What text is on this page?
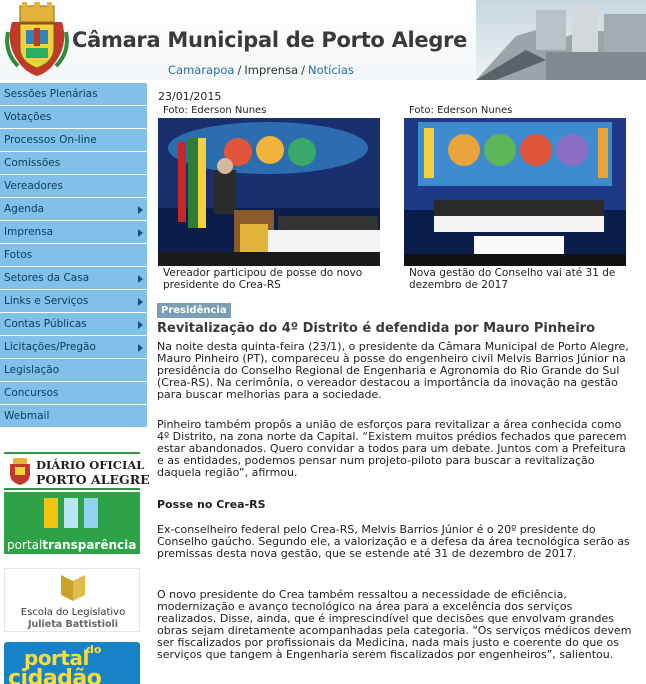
Câmara Municipal de Porto Alegre
Camarapoa / Imprensa / Notícias
Sessões Plenárias
Votações
Processos On-line
Comissões
Vereadores
Agenda
Imprensa
Fotos
Setores da Casa
Links e Serviços
Contas Públicas
Licitações/Pregão
Legislação
Concursos
Webmail
DIÁRIO OFICIAL
PORTO ALEGRE
portaltransparência
Escola do Legislativo
Julieta Battistioli
portal
do
cidadão
23/01/2015
Foto: Ederson Nunes
Vereador participou de posse do novo presidente do Crea-RS
Foto: Ederson Nunes
Nova gestão do Conselho vai até 31 de dezembro de 2017
Presidência
Revitalização do 4º Distrito é defendida por Mauro Pinheiro

Na noite desta quinta-feira (23/1), o presidente da Câmara Municipal de Porto Alegre, Mauro Pinheiro (PT), compareceu à posse do engenheiro civil Melvis Barrios Júnior na presidência do Conselho Regional de Engenharia e Agronomia do Rio Grande do Sul (Crea-RS). Na cerimônia, o vereador destacou a importância da inovação na gestão para buscar melhorias para a sociedade.

Pinheiro também propôs a união de esforços para revitalizar a área conhecida como 4º Distrito, na zona norte da Capital. “Existem muitos prédios fechados que parecem estar abandonados. Quero convidar a todos para um debate. Juntos com a Prefeitura e as entidades, podemos pensar num projeto-piloto para buscar a revitalização daquela região”, afirmou.

Posse no Crea-RS

Ex-conselheiro federal pelo Crea-RS, Melvis Barrios Júnior é o 20º presidente do Conselho gaúcho. Segundo ele, a valorização e a defesa da área tecnológica serão as premissas desta nova gestão, que se estende até 31 de dezembro de 2017.

O novo presidente do Crea também ressaltou a necessidade de eficiência, modernização e avanço tecnológico na área para a excelência dos serviços realizados. Disse, ainda, que é imprescindível que decisões que envolvam grandes obras sejam diretamente acompanhadas pela categoria. “Os serviços médicos devem ser fiscalizados por profissionais da Medicina, nada mais justo e coerente do que os serviços que tangem à Engenharia serem fiscalizados por engenheiros”, salientou.
